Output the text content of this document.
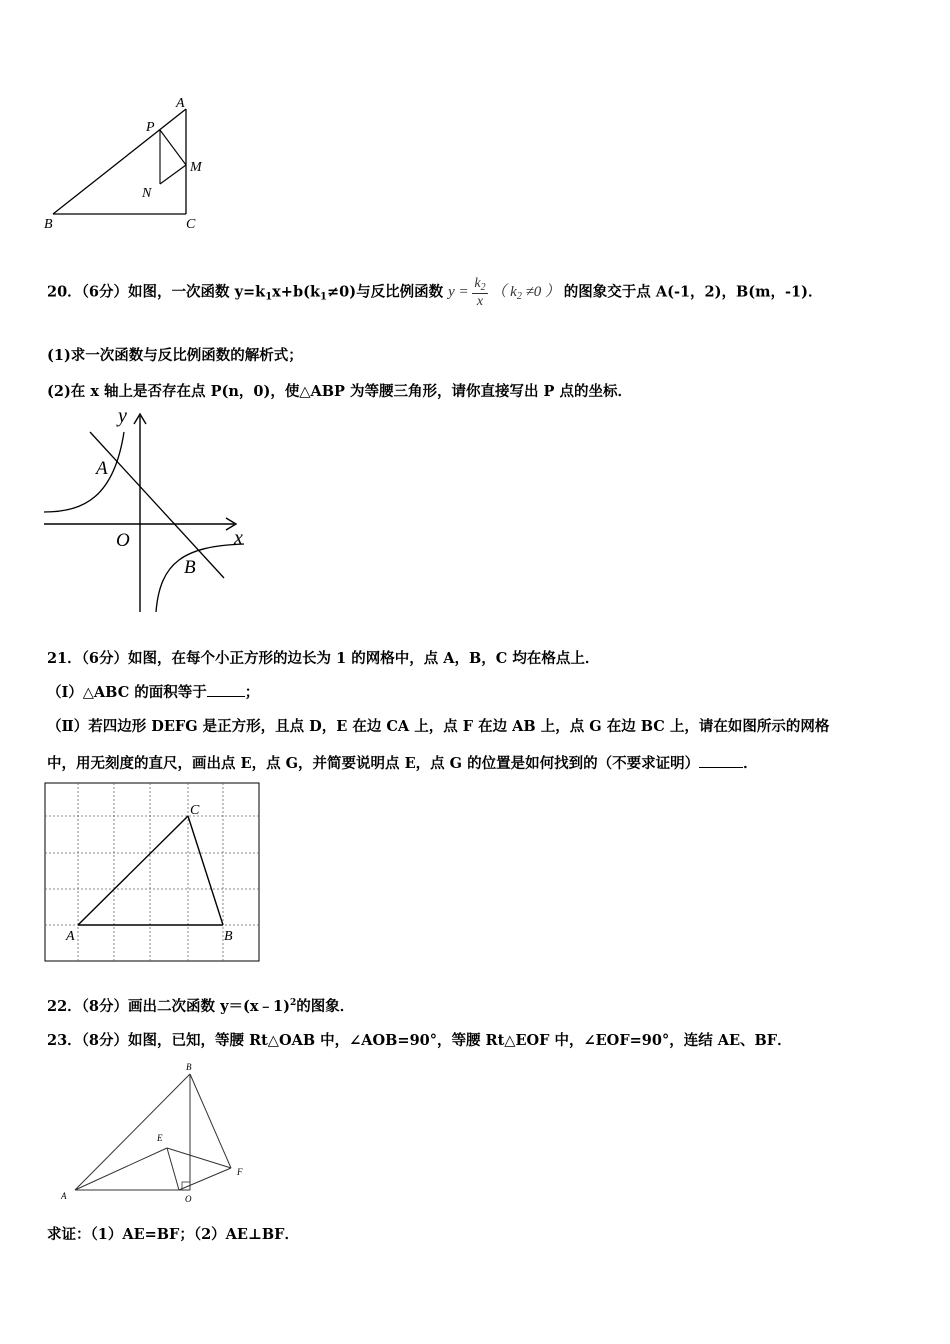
A
P
M
N
B	C
20．（6分）如图，一次函数 $y=k_1x+b(k_1\ne 0)$与反比例函数 $y = \frac{k_2}{x}$ （ $k_2 \ne 0$ ） 的图象交于点 A(-1，2)，B(m，-1)．
(1)求一次函数与反比例函数的解析式；
(2)在 x 轴上是否存在点 P(n，0)，使△ABP 为等腰三角形，请你直接写出 P 点的坐标．
y
A
O	x
B
21．（6分）如图，在每个小正方形的边长为 1 的网格中，点 A，B，C 均在格点上．
（Ⅰ）△ABC 的面积等于	；
（Ⅱ）若四边形 DEFG 是正方形，且点 D，E 在边 CA 上，点 F 在边 AB 上，点 G 在边 BC 上，请在如图所示的网格
中，用无刻度的直尺，画出点 E，点 G，并简要说明点 E，点 G 的位置是如何找到的（不要求证明）	．
A	B
C
22．（8分）画出二次函数 y＝(x﹣1)$^2$的图象．
23．（8分）如图，已知，等腰 Rt△OAB 中，∠AOB=90°，等腰 Rt△EOF 中，∠EOF=90°，连结 AE、BF．
A
B
E
F
O
求证：（1）AE=BF；（2）AE⊥BF．
